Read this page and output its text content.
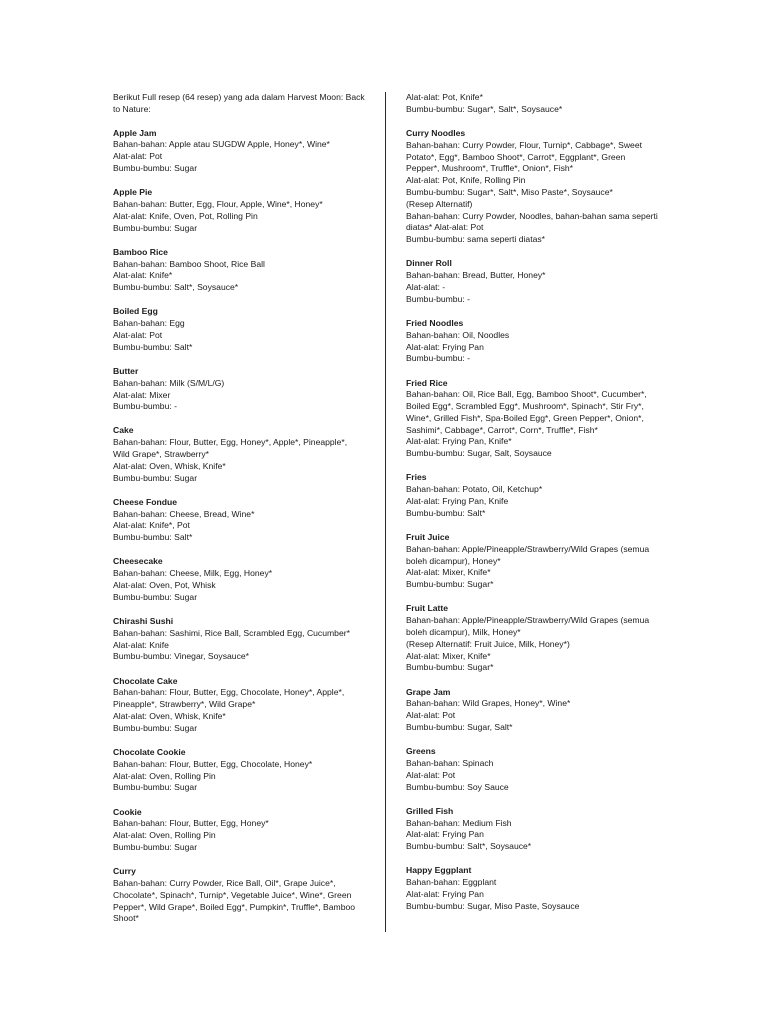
Berikut Full resep (64 resep) yang ada dalam Harvest Moon: Back to Nature:

Apple Jam
Bahan-bahan: Apple atau SUGDW Apple, Honey*, Wine*
Alat-alat: Pot
Bumbu-bumbu: Sugar
Apple Pie
Bahan-bahan: Butter, Egg, Flour, Apple, Wine*, Honey*
Alat-alat: Knife, Oven, Pot, Rolling Pin
Bumbu-bumbu: Sugar
Bamboo Rice
Bahan-bahan: Bamboo Shoot, Rice Ball
Alat-alat: Knife*
Bumbu-bumbu: Salt*, Soysauce*
Boiled Egg
Bahan-bahan: Egg
Alat-alat: Pot
Bumbu-bumbu: Salt*
Butter
Bahan-bahan: Milk (S/M/L/G)
Alat-alat: Mixer
Bumbu-bumbu: -
Cake
Bahan-bahan: Flour, Butter, Egg, Honey*, Apple*, Pineapple*, Wild Grape*, Strawberry*
Alat-alat: Oven, Whisk, Knife*
Bumbu-bumbu: Sugar
Cheese Fondue
Bahan-bahan: Cheese, Bread, Wine*
Alat-alat: Knife*, Pot
Bumbu-bumbu: Salt*
Cheesecake
Bahan-bahan: Cheese, Milk, Egg, Honey*
Alat-alat: Oven, Pot, Whisk
Bumbu-bumbu: Sugar
Chirashi Sushi
Bahan-bahan: Sashimi, Rice Ball, Scrambled Egg, Cucumber*
Alat-alat: Knife
Bumbu-bumbu: Vinegar, Soysauce*
Chocolate Cake
Bahan-bahan: Flour, Butter, Egg, Chocolate, Honey*, Apple*, Pineapple*, Strawberry*, Wild Grape*
Alat-alat: Oven, Whisk, Knife*
Bumbu-bumbu: Sugar
Chocolate Cookie
Bahan-bahan: Flour, Butter, Egg, Chocolate, Honey*
Alat-alat: Oven, Rolling Pin
Bumbu-bumbu: Sugar
Cookie
Bahan-bahan: Flour, Butter, Egg, Honey*
Alat-alat: Oven, Rolling Pin
Bumbu-bumbu: Sugar
Curry
Bahan-bahan: Curry Powder, Rice Ball, Oil*, Grape Juice*, Chocolate*, Spinach*, Turnip*, Vegetable Juice*, Wine*, Green Pepper*, Wild Grape*, Boiled Egg*, Pumpkin*, Truffle*, Bamboo Shoot*
Alat-alat: Pot, Knife*
Bumbu-bumbu: Sugar*, Salt*, Soysauce*
Curry Noodles
Bahan-bahan: Curry Powder, Flour, Turnip*, Cabbage*, Sweet Potato*, Egg*, Bamboo Shoot*, Carrot*, Eggplant*, Green Pepper*, Mushroom*, Truffle*, Onion*, Fish*
Alat-alat: Pot, Knife, Rolling Pin
Bumbu-bumbu: Sugar*, Salt*, Miso Paste*, Soysauce*
(Resep Alternatif)
Bahan-bahan: Curry Powder, Noodles, bahan-bahan sama seperti diatas* Alat-alat: Pot
Bumbu-bumbu: sama seperti diatas*
Dinner Roll
Bahan-bahan: Bread, Butter, Honey*
Alat-alat: -
Bumbu-bumbu: -
Fried Noodles
Bahan-bahan: Oil, Noodles
Alat-alat: Frying Pan
Bumbu-bumbu: -
Fried Rice
Bahan-bahan: Oil, Rice Ball, Egg, Bamboo Shoot*, Cucumber*, Boiled Egg*, Scrambled Egg*, Mushroom*, Spinach*, Stir Fry*, Wine*, Grilled Fish*, Spa-Boiled Egg*, Green Pepper*, Onion*, Sashimi*, Cabbage*, Carrot*, Corn*, Truffle*, Fish*
Alat-alat: Frying Pan, Knife*
Bumbu-bumbu: Sugar, Salt, Soysauce
Fries
Bahan-bahan: Potato, Oil, Ketchup*
Alat-alat: Frying Pan, Knife
Bumbu-bumbu: Salt*
Fruit Juice
Bahan-bahan: Apple/Pineapple/Strawberry/Wild Grapes (semua boleh dicampur), Honey*
Alat-alat: Mixer, Knife*
Bumbu-bumbu: Sugar*
Fruit Latte
Bahan-bahan: Apple/Pineapple/Strawberry/Wild Grapes (semua boleh dicampur), Milk, Honey*
(Resep Alternatif: Fruit Juice, Milk, Honey*)
Alat-alat: Mixer, Knife*
Bumbu-bumbu: Sugar*
Grape Jam
Bahan-bahan: Wild Grapes, Honey*, Wine*
Alat-alat: Pot
Bumbu-bumbu: Sugar, Salt*
Greens
Bahan-bahan: Spinach
Alat-alat: Pot
Bumbu-bumbu: Soy Sauce
Grilled Fish
Bahan-bahan: Medium Fish
Alat-alat: Frying Pan
Bumbu-bumbu: Salt*, Soysauce*
Happy Eggplant
Bahan-bahan: Eggplant
Alat-alat: Frying Pan
Bumbu-bumbu: Sugar, Miso Paste, Soysauce
